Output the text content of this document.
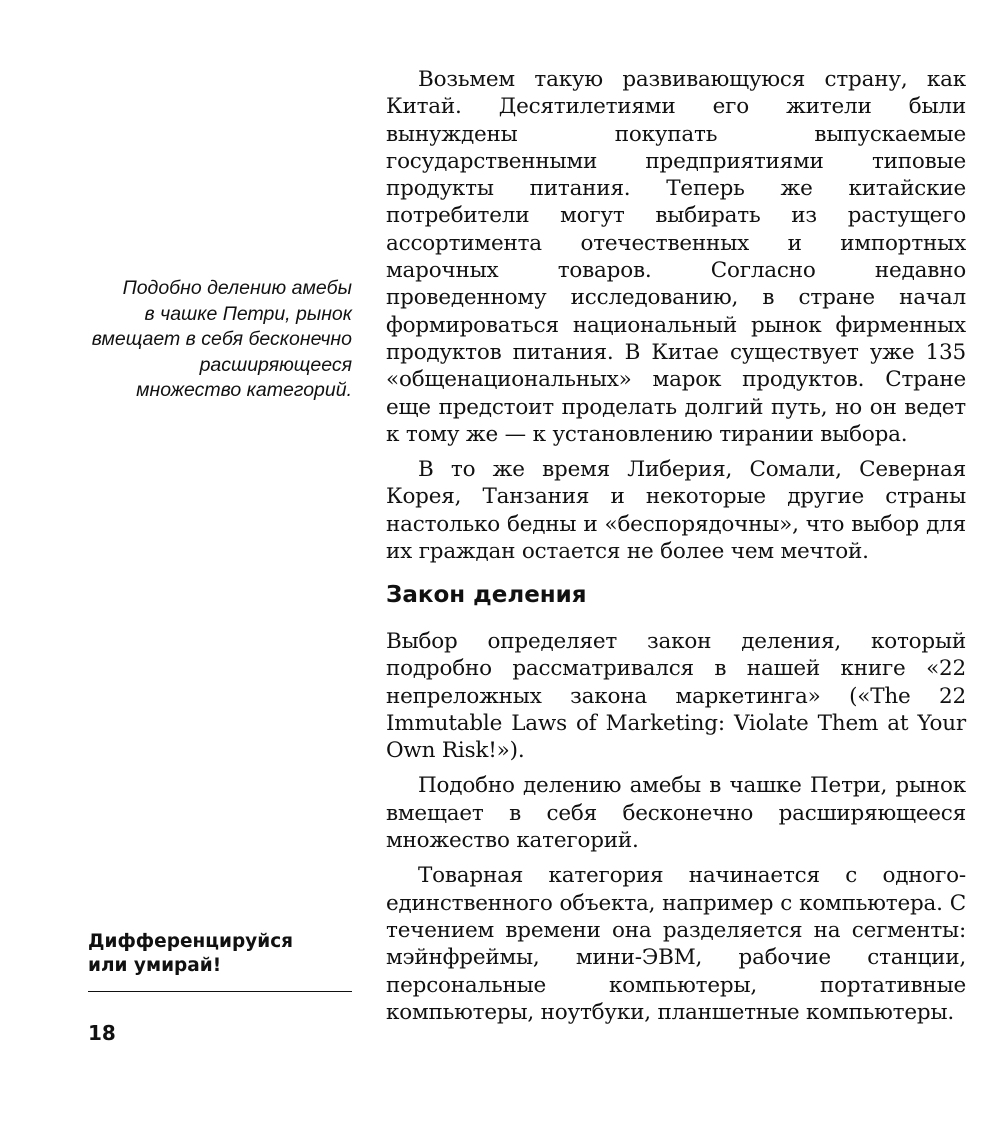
Возьмем такую развивающуюся страну, как Китай. Десятилетиями его жители были вынуждены покупать выпускаемые государственными предприятиями типовые продукты питания. Теперь же китайские потребители могут выбирать из растущего ассортимента отечественных и импортных марочных товаров. Согласно недавно проведенному исследованию, в стране начал формироваться национальный рынок фирменных продуктов питания. В Китае существует уже 135 «общенациональных» марок продуктов. Стране еще предстоит проделать долгий путь, но он ведет к тому же — к установлению тирании выбора.

В то же время Либерия, Сомали, Северная Корея, Танзания и некоторые другие страны настолько бедны и «беспорядочны», что выбор для их граждан остается не более чем мечтой.

Закон деления

Выбор определяет закон деления, который подробно рассматривался в нашей книге «22 непреложных закона маркетинга» («The 22 Immutable Laws of Marketing: Violate Them at Your Own Risk!»).

Подобно делению амебы в чашке Петри, рынок вмещает в себя бесконечно расширяющееся множество категорий.

Товарная категория начинается с одного-единственного объекта, например с компьютера. С течением времени она разделяется на сегменты: мэйнфреймы, мини-ЭВМ, рабочие станции, персональные компьютеры, портативные компьютеры, ноутбуки, планшетные компьютеры.

Подобно делению амебы
в чашке Петри, рынок
вмещает в себя бесконечно
расширяющееся
множество категорий.
Дифференцируйся
или умирай!
18
